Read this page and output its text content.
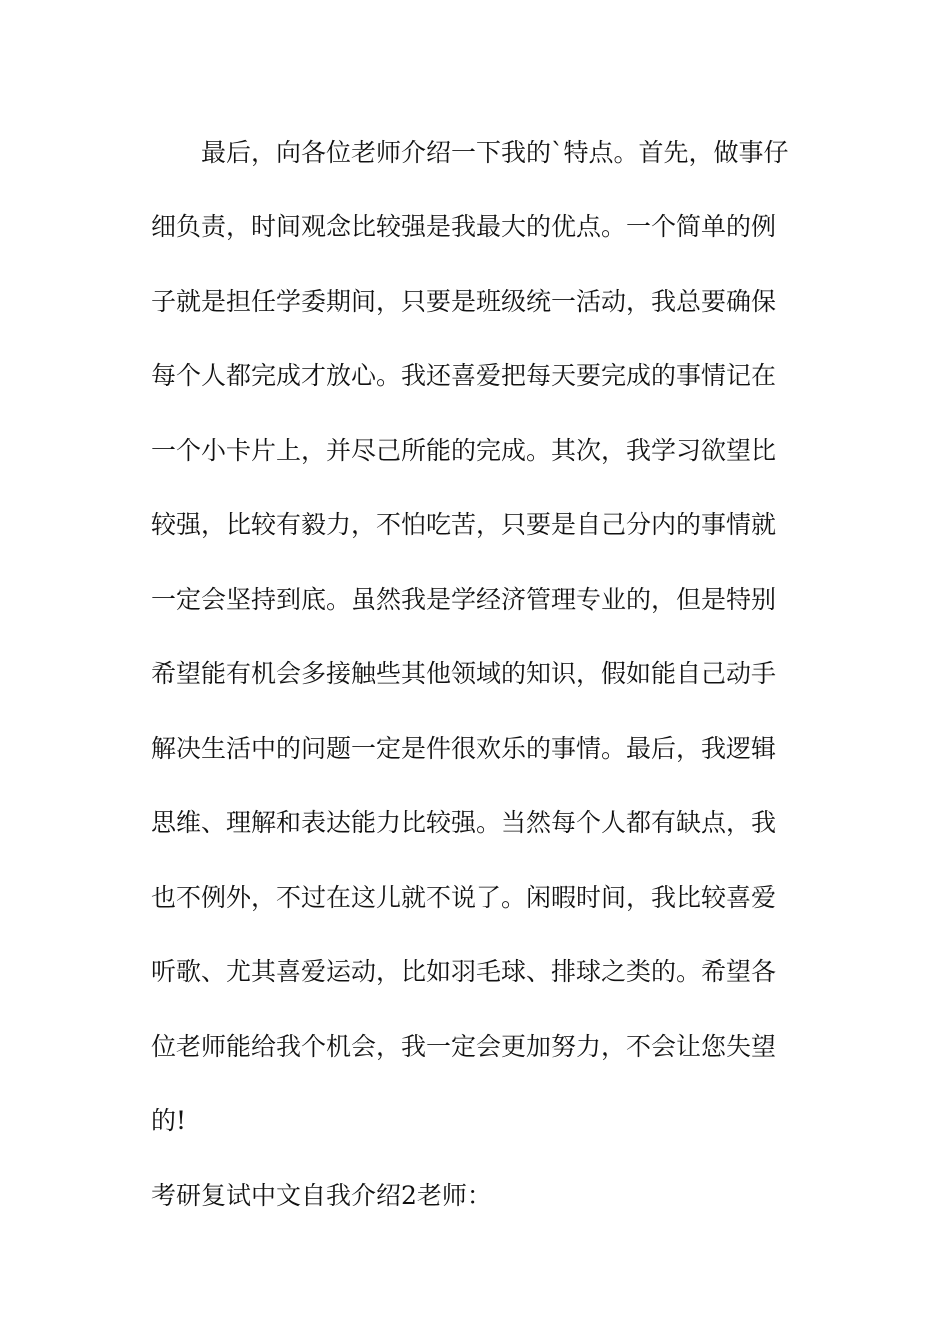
　　最后，向各位老师介绍一下我的`特点。首先，做事仔
细负责，时间观念比较强是我最大的优点。一个简单的例
子就是担任学委期间，只要是班级统一活动，我总要确保
每个人都完成才放心。我还喜爱把每天要完成的事情记在
一个小卡片上，并尽己所能的完成。其次，我学习欲望比
较强，比较有毅力，不怕吃苦，只要是自己分内的事情就
一定会坚持到底。虽然我是学经济管理专业的，但是特别
希望能有机会多接触些其他领域的知识，假如能自己动手
解决生活中的问题一定是件很欢乐的事情。最后，我逻辑
思维、理解和表达能力比较强。当然每个人都有缺点，我
也不例外，不过在这儿就不说了。闲暇时间，我比较喜爱
听歌、尤其喜爱运动，比如羽毛球、排球之类的。希望各
位老师能给我个机会，我一定会更加努力，不会让您失望
的!
考研复试中文自我介绍2老师：
